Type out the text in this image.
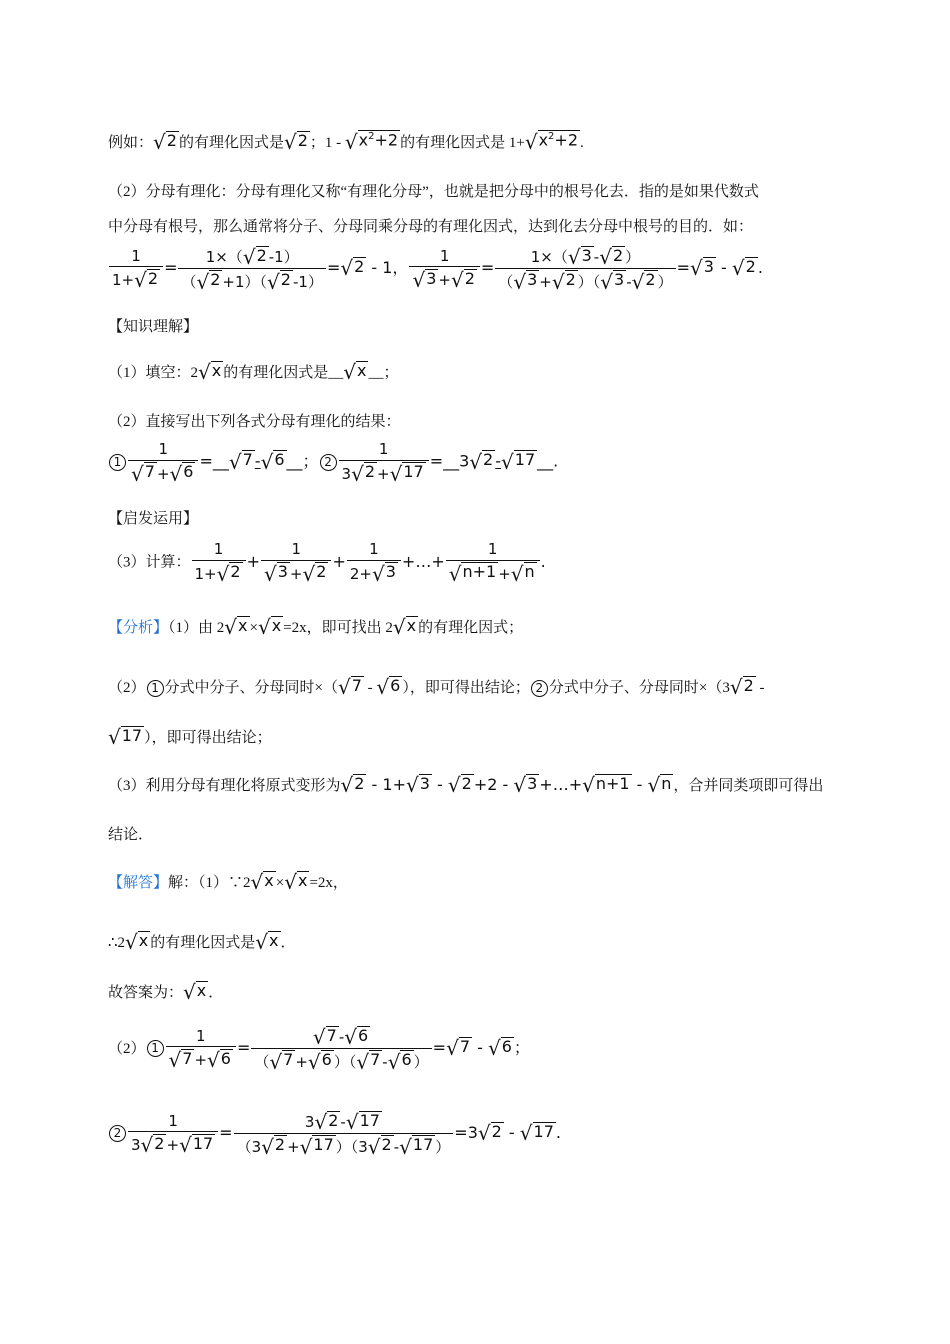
例如： √ 2 的有理化因式是 √ 2 ；1 - √ $x^2+2$ 的有理化因式是 1+ √ $x^2+2$ .
（2）分母有理化：分母有理化又称“有理化分母”，也就是把分母中的根号化去．指的是如果代数式
中分母有根号，那么通常将分子、分母同乘分母的有理化因式，达到化去分母中根号的目的．如：
$\frac{1}{1+ √ 2} = \frac{1\times( √ 2 -1)}{( √ 2 +1)( √ 2 -1)}$ = √ 2 - 1， $\frac{1}{√ 3 + √ 2} = \frac{1\times( √ 3 - √ 2 )}{( √ 3 + √ 2 )( √ 3 - √ 2 )}$ = √ 3 - √ 2 .
【知识理解】
（1）填空：2 √ x 的有理化因式是__ √ x __；
（2）直接写出下列各式分母有理化的结果：
$1 \frac{1}{√ 7 + √ 6}$ =__ √ 7 - √ 6 __； $2 \frac{1}{3 √ 2 + √ 17}$ =__3 √ 2 - √ 17 __.
【启发运用】
（3）计算： $\frac{1}{1+ √ 2} + \frac{1}{√ 3 + √ 2} + \frac{1}{2+ √ 3}$ +…+ $\frac{1}{√ n+1 + √ n}$ .
【分析】（1）由 2 √ x × √ x =2x，即可找出 2 √ x 的有理化因式；
（2） 1 分式中分子、分母同时×（ √ 7 - √ 6 ），即可得出结论； 2 分式中分子、分母同时×（3 √ 2 -
√ 17 ），即可得出结论；
（3）利用分母有理化将原式变形为 √ 2 - 1+ √ 3 - √ 2 +2 - √ 3 +…+ √ n+1 - √ n ，合并同类项即可得出
结论．
【解答】解：（1）∵2 √ x × √ x =2x，
∴2 √ x 的有理化因式是 √ x ．
故答案为： √ x ．
（2） $1 \frac{1}{√ 7 + √ 6} = \frac{√ 7 - √ 6}{( √ 7 + √ 6 )( √ 7 - √ 6 )}$ = √ 7 - √ 6 ；
$2 \frac{1}{3 √ 2 + √ 17} = \frac{3 √ 2 - √ 17}{(3 √ 2 + √ 17 )(3 √ 2 - √ 17 )} =3$ √ 2 - √ 17 .
